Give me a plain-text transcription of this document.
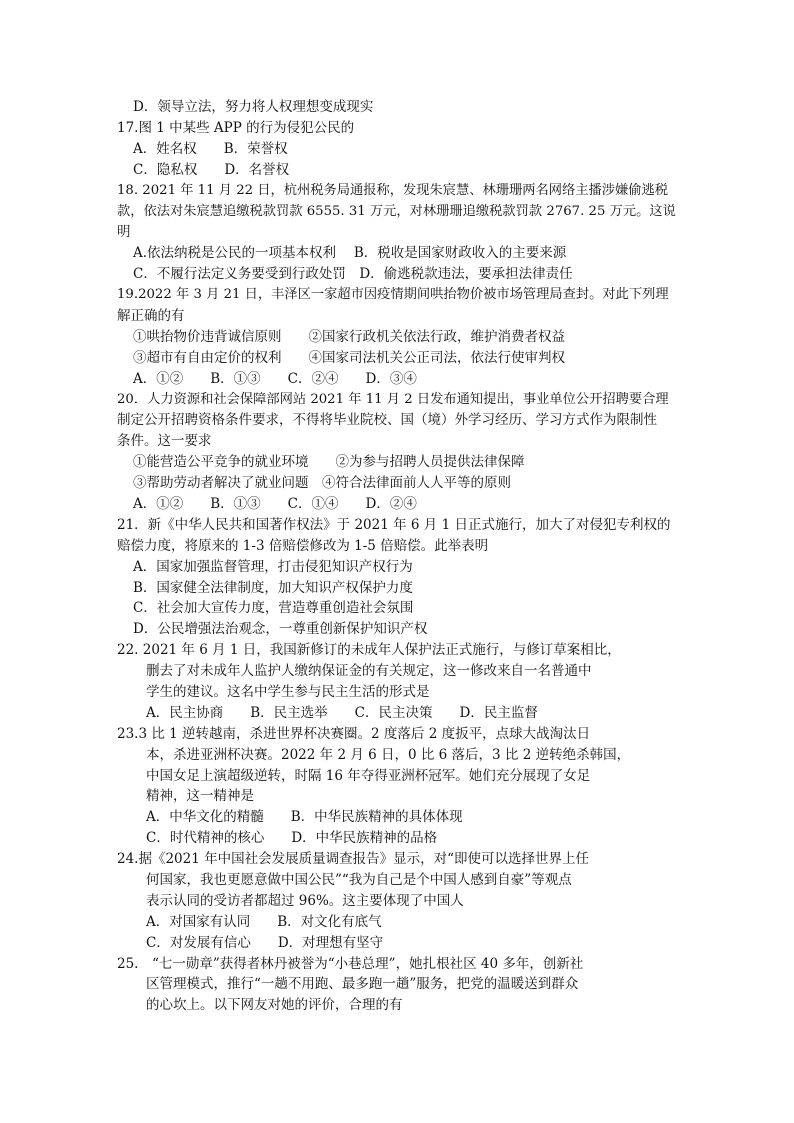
D．领导立法，努力将人权理想变成现实
17.图 1 中某些 APP 的行为侵犯公民的
A．姓名权　　B．荣誉权
C．隐私权　　D．名誉权
18. 2021 年 11 月 22 日，杭州税务局通报称，发现朱宸慧、林珊珊两名网络主播涉嫌偷逃税
款，依法对朱宸慧追缴税款罚款 6555. 31 万元，对林珊珊追缴税款罚款 2767. 25 万元。这说
明
A.依法纳税是公民的一项基本权利　 B．税收是国家财政收入的主要来源
C．不履行法定义务要受到行政处罚　D．偷逃税款违法，要承担法律责任
19.2022 年 3 月 21 日，丰泽区一家超市因疫情期间哄抬物价被市场管理局查封。对此下列理
解正确的有
①哄抬物价违背诚信原则　　②国家行政机关依法行政，维护消费者权益
③超市有自由定价的权利　　④国家司法机关公正司法，依法行使审判权
A．①②　　B．①③　　C．②④　　D．③④
20．人力资源和社会保障部网站 2021 年 11 月 2 日发布通知提出，事业单位公开招聘要合理
制定公开招聘资格条件要求，不得将毕业院校、国（境）外学习经历、学习方式作为限制性
条件。这一要求
①能营造公平竞争的就业环境　　②为参与招聘人员提供法律保障
③帮助劳动者解决了就业问题　④符合法律面前人人平等的原则
A．①②　　B．①③　　C．①④　　D．②④
21．新《中华人民共和国著作权法》于 2021 年 6 月 1 日正式施行，加大了对侵犯专利权的
赔偿力度，将原来的 1-3 倍赔偿修改为 1-5 倍赔偿。此举表明
A．国家加强监督管理，打击侵犯知识产权行为
B．国家健全法律制度，加大知识产权保护力度
C．社会加大宣传力度，营造尊重创造社会氛围
D．公民增强法治观念，一尊重创新保护知识产权
22. 2021 年 6 月 1 日，我国新修订的未成年人保护法正式施行，与修订草案相比，
删去了对未成年人监护人缴纳保证金的有关规定，这一修改来自一名普通中
学生的建议。这名中学生参与民主生活的形式是
A．民主协商　　B．民主选举　　C．民主决策　　D．民主监督
23.3 比 1 逆转越南，杀进世界杯决赛圈。2 度落后 2 度扳平，点球大战淘汰日
本，杀进亚洲杯决赛。2022 年 2 月 6 日，0 比 6 落后，3 比 2 逆转绝杀韩国，
中国女足上演超级逆转，时隔 16 年夺得亚洲杯冠军。她们充分展现了女足
精神，这一精神是
A．中华文化的精髓　　B．中华民族精神的具体体现
C．时代精神的核心　　D．中华民族精神的品格
24.据《2021 年中国社会发展质量调查报告》显示，对“即使可以选择世界上任
何国家，我也更愿意做中国公民”“我为自己是个中国人感到自豪”等观点
表示认同的受访者都超过 96%。这主要体现了中国人
A．对国家有认同　　B．对文化有底气
C．对发展有信心　　D．对理想有坚守
25.　“七一勋章”获得者林丹被誉为“小巷总理”，她扎根社区 40 多年，创新社
区管理模式，推行“一趟不用跑、最多跑一趟”服务，把党的温暖送到群众
的心坎上。以下网友对她的评价，合理的有
